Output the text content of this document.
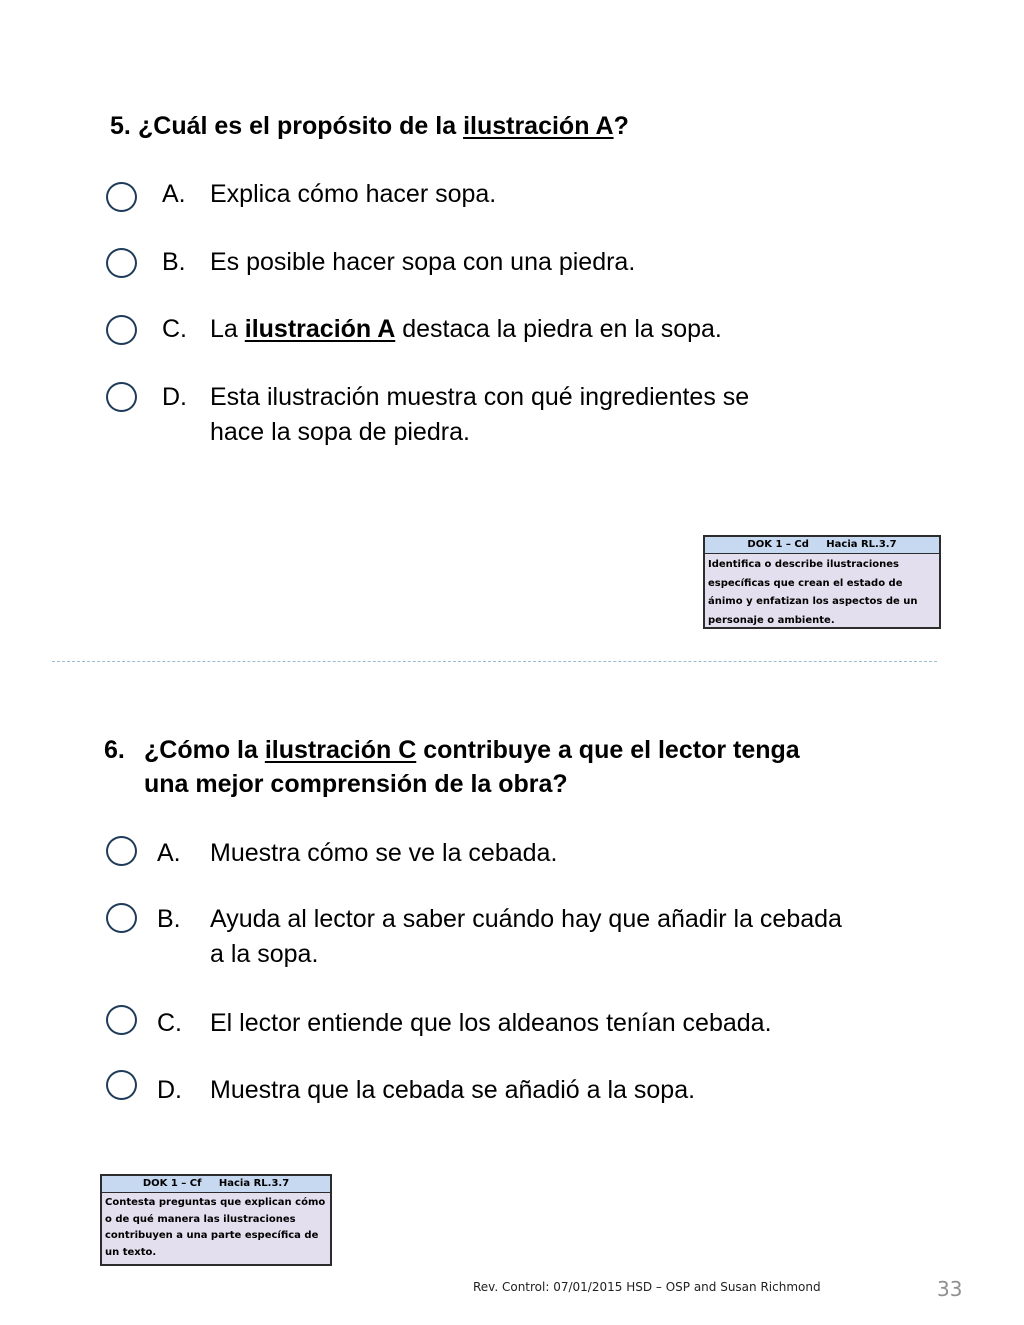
5. ¿Cuál es el propósito de la ilustración A?
A. Explica cómo hacer sopa.
B. Es posible hacer sopa con una piedra.
C. La ilustración A destaca la piedra en la sopa.
D. Esta ilustración muestra con qué ingredientes se
hace la sopa de piedra.
DOK 1 – Cd     Hacia RL.3.7
Identifica o describe ilustraciones específicas que crean el estado de ánimo y enfatizan los aspectos de un personaje o ambiente.
6. ¿Cómo la ilustración C contribuye a que el lector tenga
una mejor comprensión de la obra?
A. Muestra cómo se ve la cebada.
B. Ayuda al lector a saber cuándo hay que añadir la cebada
a la sopa.
C. El lector entiende que los aldeanos tenían cebada.
D. Muestra que la cebada se añadió a la sopa.
DOK 1 – Cf     Hacia RL.3.7
Contesta preguntas que explican cómo o de qué manera las ilustraciones contribuyen a una parte específica de un texto.
Rev. Control: 07/01/2015 HSD – OSP and Susan Richmond	33
